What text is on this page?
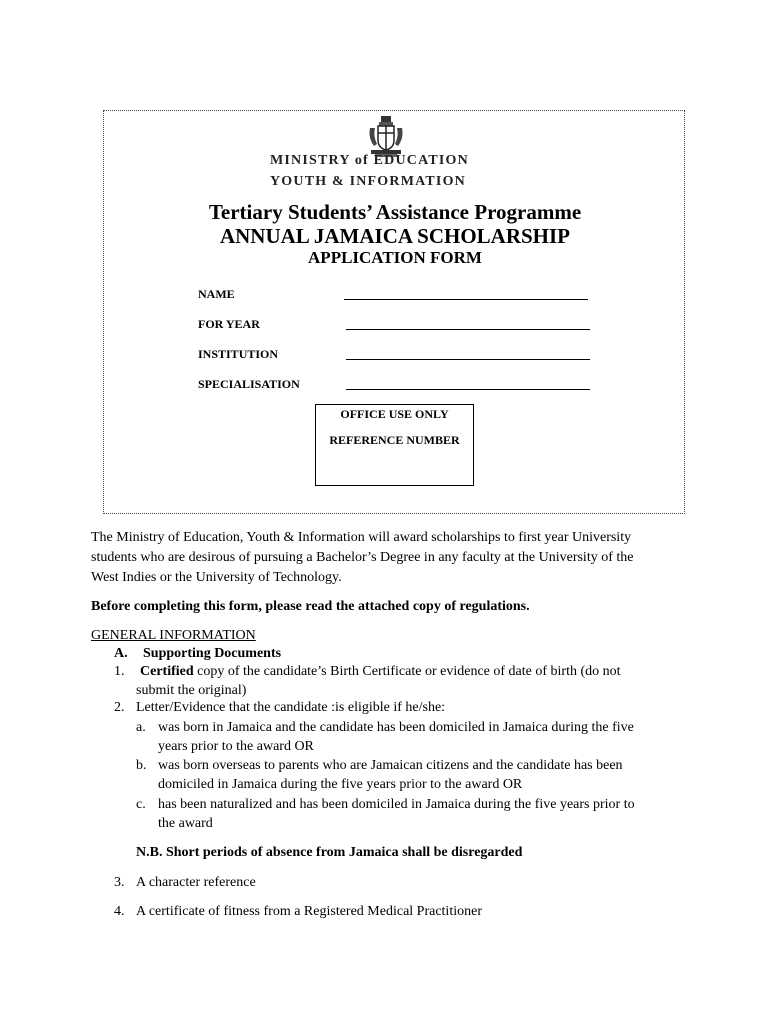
MINISTRY of EDUCATION
YOUTH & INFORMATION
Tertiary Students’ Assistance Programme
ANNUAL JAMAICA SCHOLARSHIP
APPLICATION FORM
NAME
FOR YEAR
INSTITUTION
SPECIALISATION
OFFICE USE ONLY
REFERENCE NUMBER
The Ministry of Education, Youth & Information will award scholarships to first year University
students who are desirous of pursuing a Bachelor’s Degree in any faculty at the University of the
West Indies or the University of Technology.
Before completing this form, please read the attached copy of regulations.
GENERAL INFORMATION
A. Supporting Documents
1. Certified copy of the candidate’s Birth Certificate or evidence of date of birth (do not
submit the original)
2. Letter/Evidence that the candidate :is eligible if he/she:
a. was born in Jamaica and the candidate has been domiciled in Jamaica during the five
years prior to the award OR
b. was born overseas to parents who are Jamaican citizens and the candidate has been
domiciled in Jamaica during the five years prior to the award OR
c. has been naturalized and has been domiciled in Jamaica during the five years prior to
the award
N.B. Short periods of absence from Jamaica shall be disregarded
3. A character reference
4. A certificate of fitness from a Registered Medical Practitioner
